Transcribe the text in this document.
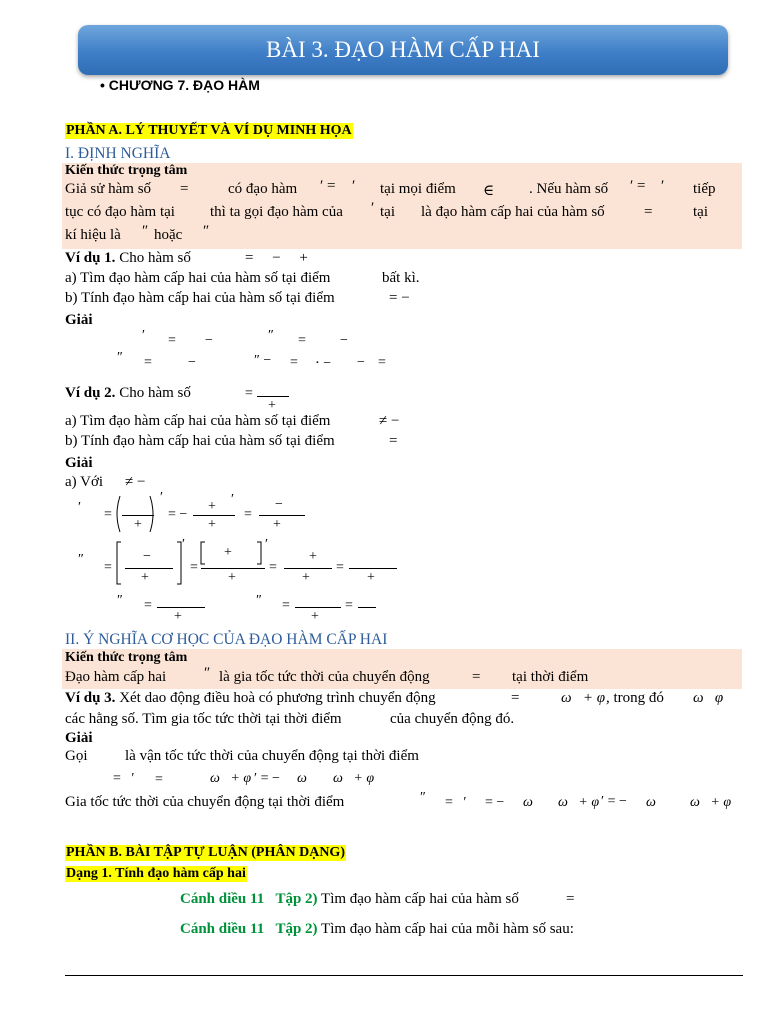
BÀI 3. ĐẠO HÀM CẤP HAI
• CHƯƠNG 7. ĐẠO HÀM
PHẦN A. LÝ THUYẾT VÀ VÍ DỤ MINH HỌA
I. ĐỊNH NGHĨA
Kiến thức trọng tâm
Giả sử hàm số =	có đạo hàm ′ = ′ tại mọi điểm ∈ . Nếu hàm số ′ = ′ tiếp
tục có đạo hàm tại thì ta gọi đạo hàm của ′ tại là đạo hàm cấp hai của hàm số	=	tại
kí hiệu là ″ hoặc ″
Ví dụ 1. Cho hàm số	=     −     +
a) Tìm đạo hàm cấp hai của hàm số tại điểm	bất kì.
b) Tính đạo hàm cấp hai của hàm số tại điểm	= −
Giải
′ = −	″ = −
″ =	−	″ − = ⋅ − − =
Ví dụ 2. Cho hàm số	=
+
a) Tìm đạo hàm cấp hai của hàm số tại điểm	≠ −
b) Tính đạo hàm cấp hai của hàm số tại điểm	=
Giải
a) Với ≠ −
′ =
+
′
= −
+ ′
+
=
−
+
″
=
−
+
′
=
+
′
+
=
+
+
=
+
″ =
+
″ =
+
=
II. Ý NGHĨA CƠ HỌC CỦA ĐẠO HÀM CẤP HAI
Kiến thức trọng tâm
Đạo hàm cấp hai	″ là gia tốc tức thời của chuyển động	= tại thời điểm
Ví dụ 3. Xét dao động điều hoà có phương trình chuyển động	=	ω   + φ , trong đó ω   φ
các hằng số. Tìm gia tốc tức thời tại thời điểm	của chuyển động đó.
Giải
Gọi	là vận tốc tức thời của chuyển động tại thời điểm
=   ′ =	ω   + φ ′ = − ω ω   + φ
Gia tốc tức thời của chuyển động tại thời điểm	″ =   ′ = − ω ω   + φ ′ = − ω ω   + φ
PHẦN B. BÀI TẬP TỰ LUẬN (PHÂN DẠNG)
Dạng 1. Tính đạo hàm cấp hai
Cánh diều 11 Tập 2) Tìm đạo hàm cấp hai của hàm số	=
Cánh diều 11 Tập 2) Tìm đạo hàm cấp hai của mỗi hàm số sau:
